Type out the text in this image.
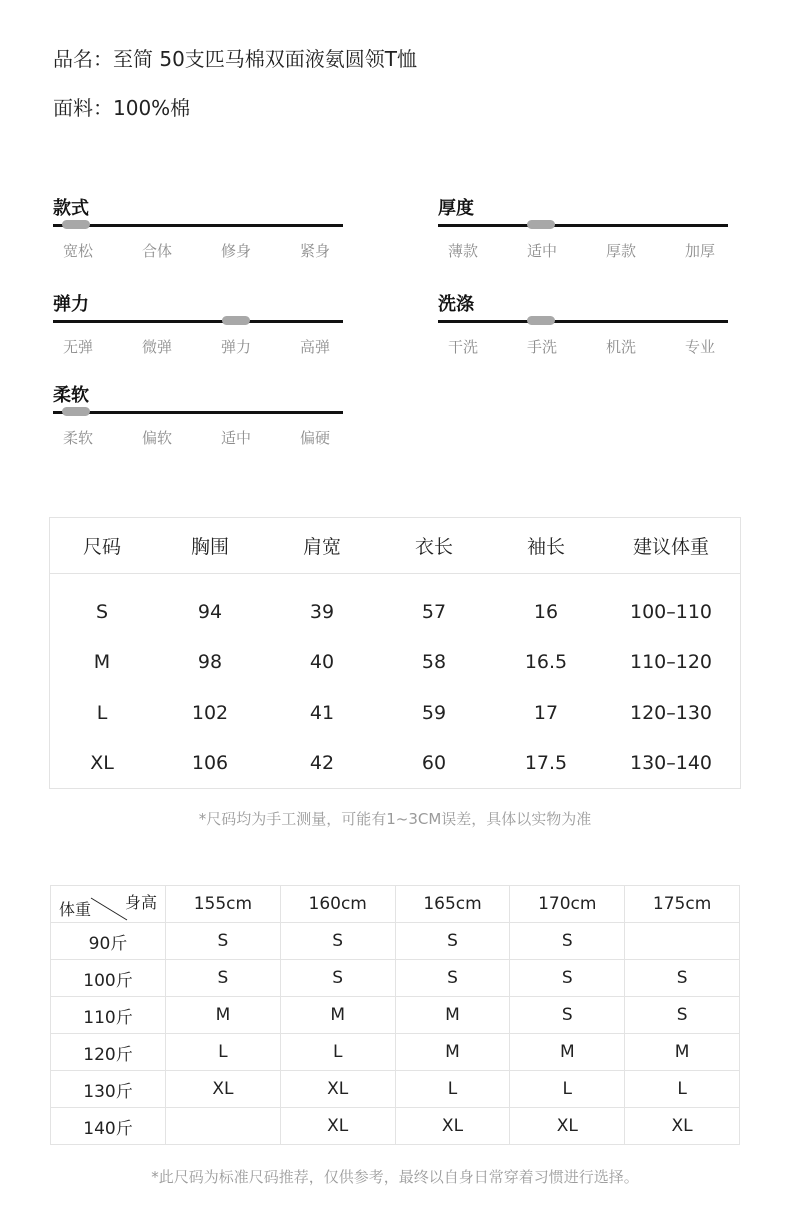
品名：至简 50支匹马棉双面液氨圆领T恤
面料：100%棉
款式
宽松	合体	修身	紧身
厚度
薄款	适中	厚款	加厚
弹力
无弹	微弹	弹力	高弹
洗涤
干洗	手洗	机洗	专业
柔软
柔软	偏软	适中	偏硬
尺码	胸围	肩宽	衣长	袖长	建议体重
S	94	39	57	16	100–110
M	98	40	58	16.5	110–120
L	102	41	59	17	120–130
XL	106	42	60	17.5	130–140
*尺码均为手工测量，可能有1~3CM误差，具体以实物为准
体重 身高	155cm	160cm	165cm	170cm	175cm
90斤	S	S	S	S	
100斤	S	S	S	S	S
110斤	M	M	M	S	S
120斤	L	L	M	M	M
130斤	XL	XL	L	L	L
140斤		XL	XL	XL	XL
*此尺码为标准尺码推荐，仅供参考，最终以自身日常穿着习惯进行选择。
